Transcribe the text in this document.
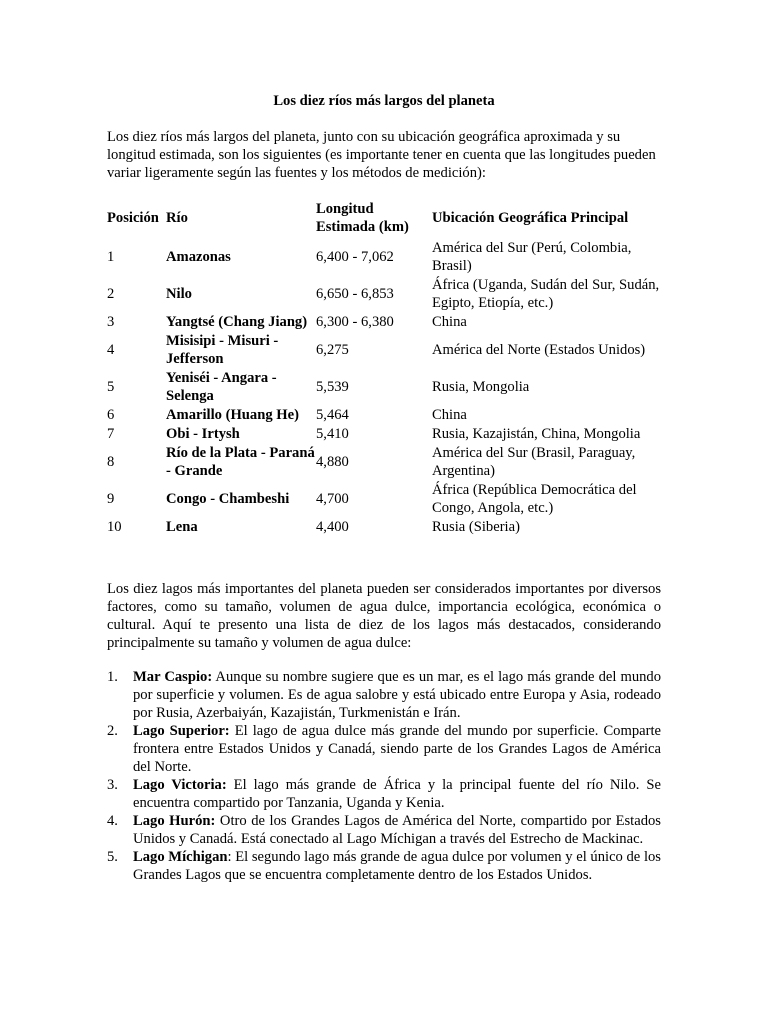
Los diez ríos más largos del planeta
Los diez ríos más largos del planeta, junto con su ubicación geográfica aproximada y su longitud estimada, son los siguientes (es importante tener en cuenta que las longitudes pueden variar ligeramente según las fuentes y los métodos de medición):
Posición	Río	Longitud Estimada (km)	Ubicación Geográfica Principal
1	Amazonas	6,400 - 7,062	América del Sur (Perú, Colombia, Brasil)
2	Nilo	6,650 - 6,853	África (Uganda, Sudán del Sur, Sudán, Egipto, Etiopía, etc.)
3	Yangtsé (Chang Jiang)	6,300 - 6,380	China
4	Misisipi - Misuri - Jefferson	6,275	América del Norte (Estados Unidos)
5	Yeniséi - Angara - Selenga	5,539	Rusia, Mongolia
6	Amarillo (Huang He)	5,464	China
7	Obi - Irtysh	5,410	Rusia, Kazajistán, China, Mongolia
8	Río de la Plata - Paraná - Grande	4,880	América del Sur (Brasil, Paraguay, Argentina)
9	Congo - Chambeshi	4,700	África (República Democrática del Congo, Angola, etc.)
10	Lena	4,400	Rusia (Siberia)
Los diez lagos más importantes del planeta pueden ser considerados importantes por diversos factores, como su tamaño, volumen de agua dulce, importancia ecológica, económica o cultural. Aquí te presento una lista de diez de los lagos más destacados, considerando principalmente su tamaño y volumen de agua dulce:
1. Mar Caspio: Aunque su nombre sugiere que es un mar, es el lago más grande del mundo por superficie y volumen. Es de agua salobre y está ubicado entre Europa y Asia, rodeado por Rusia, Azerbaiyán, Kazajistán, Turkmenistán e Irán.
2. Lago Superior: El lago de agua dulce más grande del mundo por superficie. Comparte frontera entre Estados Unidos y Canadá, siendo parte de los Grandes Lagos de América del Norte.
3. Lago Victoria: El lago más grande de África y la principal fuente del río Nilo. Se encuentra compartido por Tanzania, Uganda y Kenia.
4. Lago Hurón: Otro de los Grandes Lagos de América del Norte, compartido por Estados Unidos y Canadá. Está conectado al Lago Míchigan a través del Estrecho de Mackinac.
5. Lago Míchigan: El segundo lago más grande de agua dulce por volumen y el único de los Grandes Lagos que se encuentra completamente dentro de los Estados Unidos.
